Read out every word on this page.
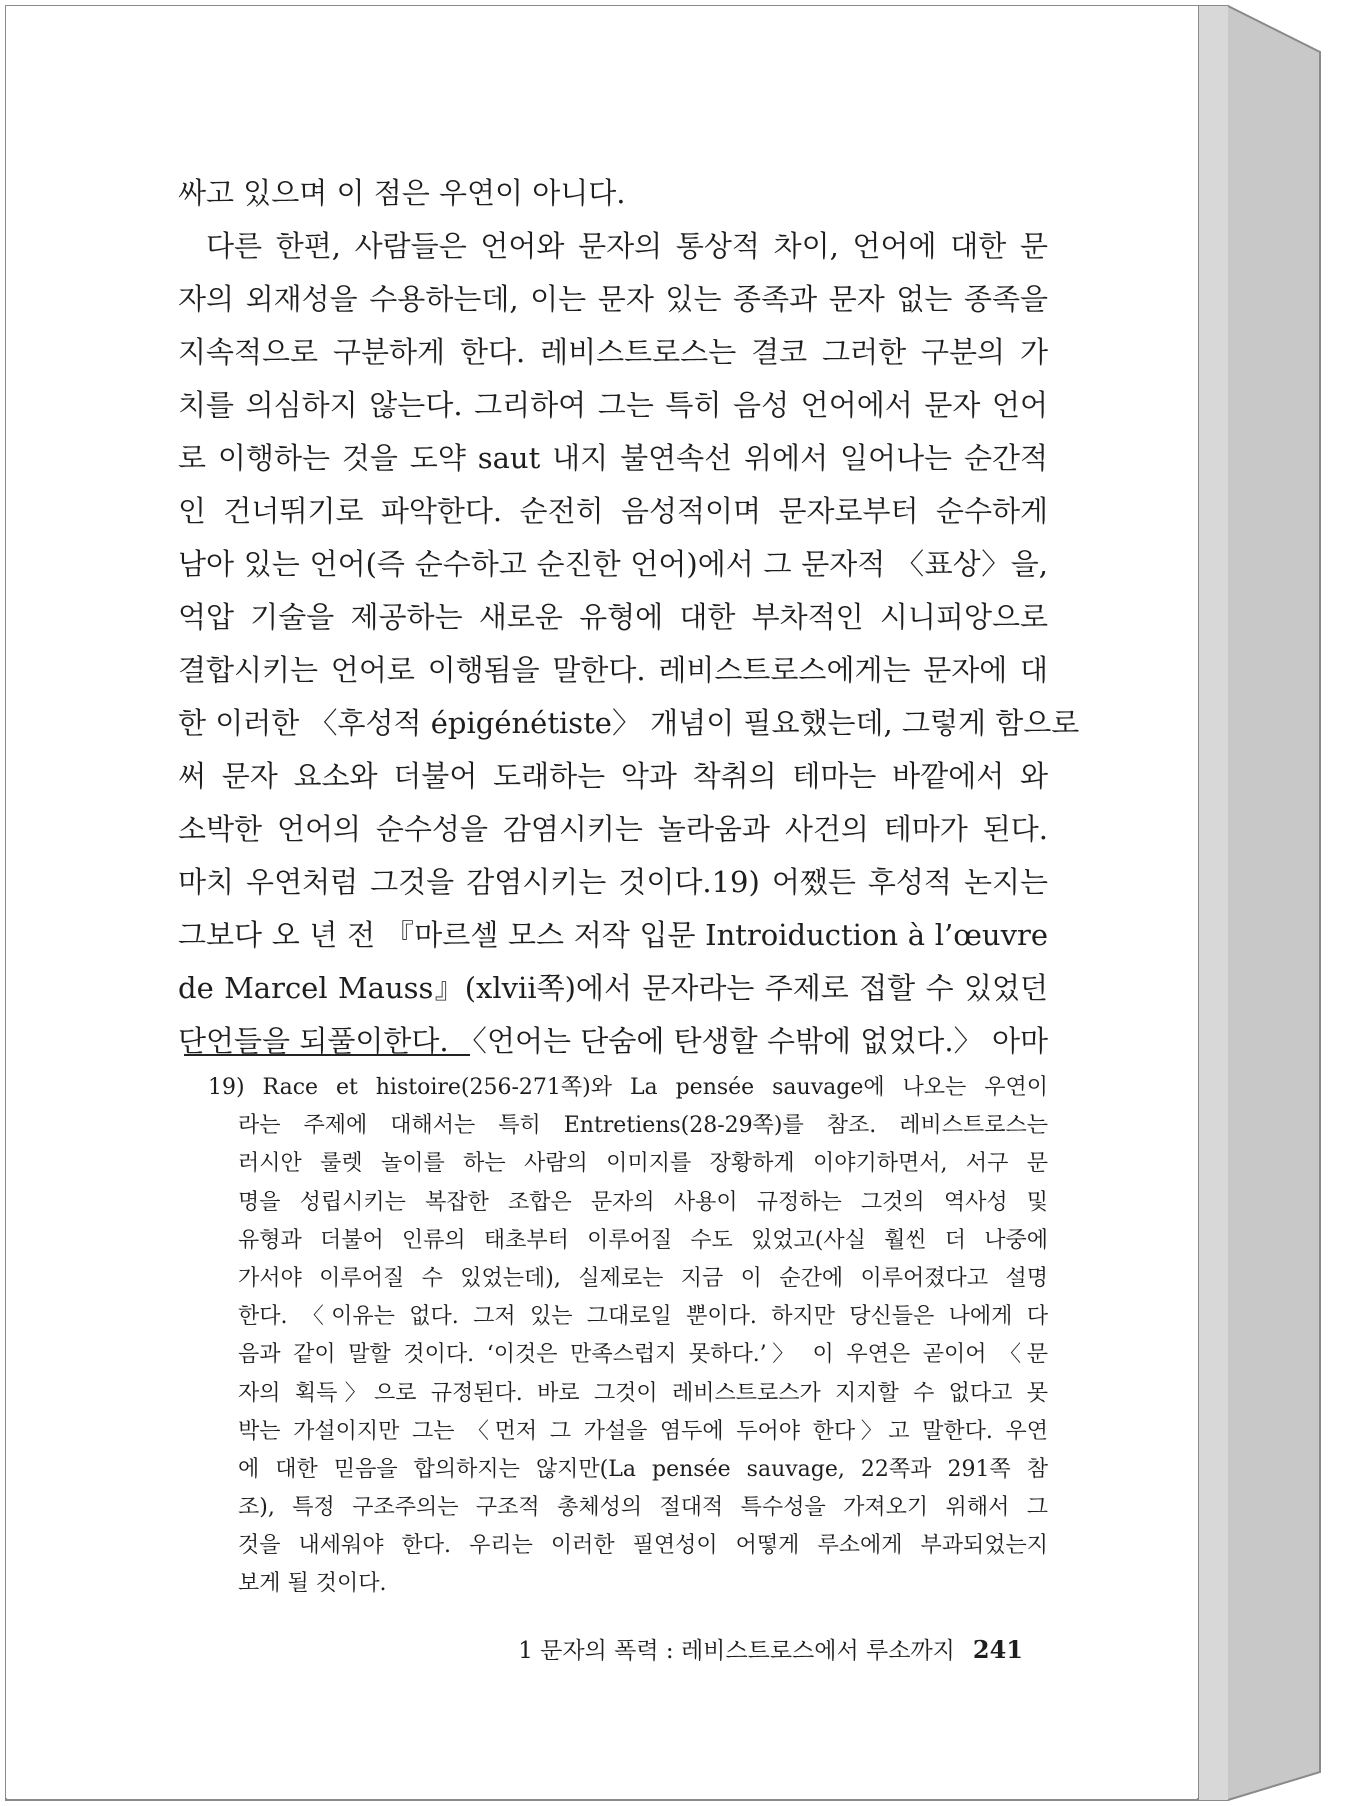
싸고 있으며 이 점은 우연이 아니다.
다른 한편, 사람들은 언어와 문자의 통상적 차이, 언어에 대한 문
자의 외재성을 수용하는데, 이는 문자 있는 종족과 문자 없는 종족을
지속적으로 구분하게 한다. 레비스트로스는 결코 그러한 구분의 가
치를 의심하지 않는다. 그리하여 그는 특히 음성 언어에서 문자 언어
로 이행하는 것을 도약 saut 내지 불연속선 위에서 일어나는 순간적
인 건너뛰기로 파악한다. 순전히 음성적이며 문자로부터 순수하게
남아 있는 언어(즉 순수하고 순진한 언어)에서 그 문자적 〈표상〉을,
억압 기술을 제공하는 새로운 유형에 대한 부차적인 시니피앙으로
결합시키는 언어로 이행됨을 말한다. 레비스트로스에게는 문자에 대
한 이러한 〈후성적 épigénétiste〉 개념이 필요했는데, 그렇게 함으로
써 문자 요소와 더불어 도래하는 악과 착취의 테마는 바깥에서 와
소박한 언어의 순수성을 감염시키는 놀라움과 사건의 테마가 된다.
마치 우연처럼 그것을 감염시키는 것이다.19) 어쨌든 후성적 논지는
그보다 오 년 전 『마르셀 모스 저작 입문 Introiduction à l’œuvre
de Marcel Mauss』(xlvii쪽)에서 문자라는 주제로 접할 수 있었던
단언들을 되풀이한다. 〈언어는 단숨에 탄생할 수밖에 없었다.〉 아마
19) Race et histoire(256-271쪽)와 La pensée sauvage에 나오는 우연이
라는 주제에 대해서는 특히 Entretiens(28-29쪽)를 참조. 레비스트로스는
러시안 룰렛 놀이를 하는 사람의 이미지를 장황하게 이야기하면서, 서구 문
명을 성립시키는 복잡한 조합은 문자의 사용이 규정하는 그것의 역사성 및
유형과 더불어 인류의 태초부터 이루어질 수도 있었고(사실 훨씬 더 나중에
가서야 이루어질 수 있었는데), 실제로는 지금 이 순간에 이루어졌다고 설명
한다. 〈이유는 없다. 그저 있는 그대로일 뿐이다. 하지만 당신들은 나에게 다
음과 같이 말할 것이다. ‘이것은 만족스럽지 못하다.’〉 이 우연은 곧이어 〈문
자의 획득〉으로 규정된다. 바로 그것이 레비스트로스가 지지할 수 없다고 못
박는 가설이지만 그는 〈먼저 그 가설을 염두에 두어야 한다〉고 말한다. 우연
에 대한 믿음을 합의하지는 않지만(La pensée sauvage, 22쪽과 291쪽 참
조), 특정 구조주의는 구조적 총체성의 절대적 특수성을 가져오기 위해서 그
것을 내세워야 한다. 우리는 이러한 필연성이 어떻게 루소에게 부과되었는지
보게 될 것이다.
1 문자의 폭력 : 레비스트로스에서 루소까지 241
